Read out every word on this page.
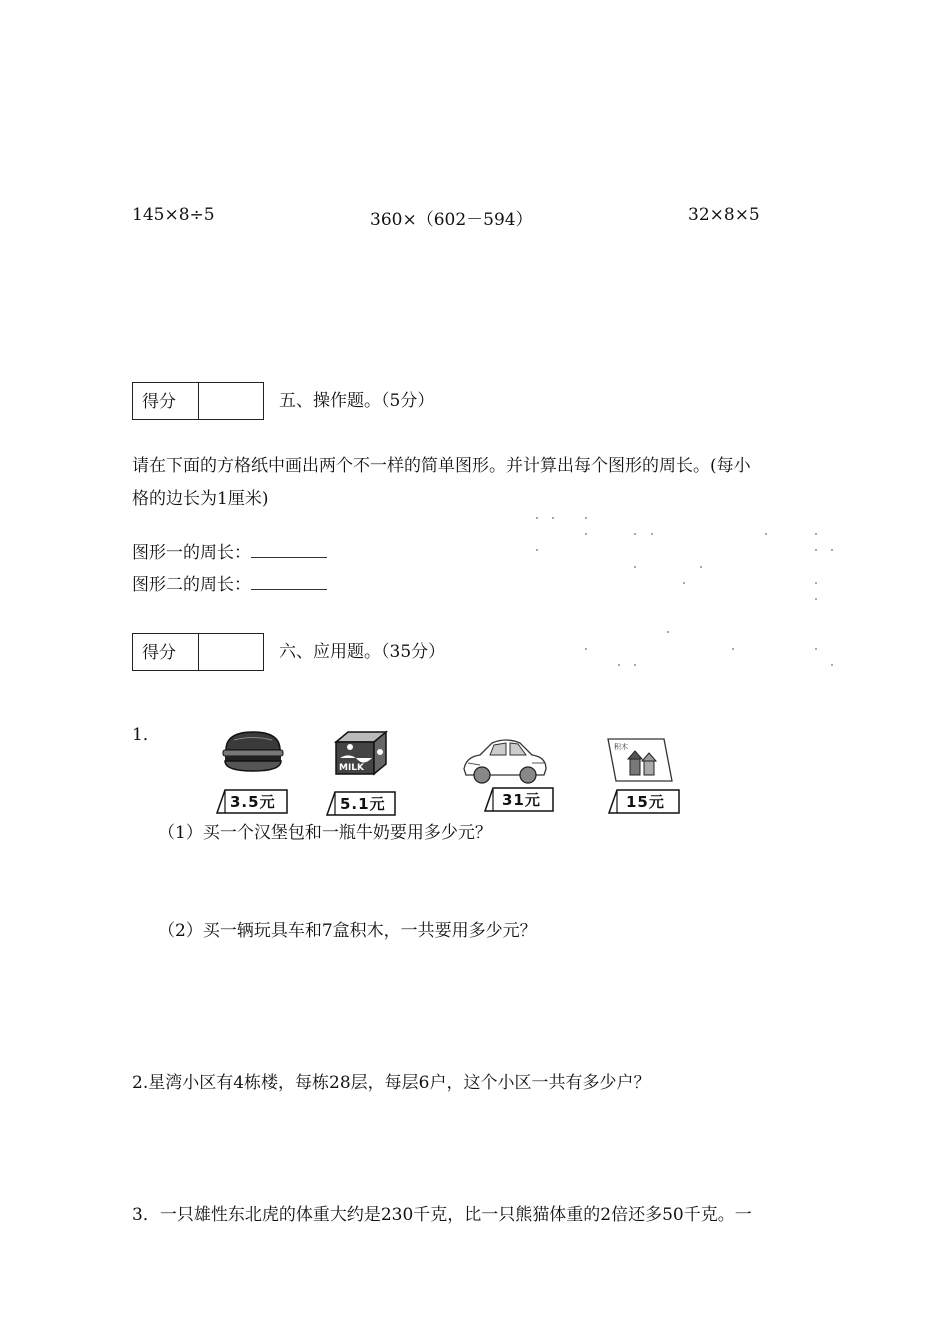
145×8÷5	360×（602－594）	32×8×5
得分	五、操作题。（5分）
请在下面的方格纸中画出两个不一样的简单图形。并计算出每个图形的周长。(每小
格的边长为1厘米)
图形一的周长：
图形二的周长：
得分	六、应用题。（35分）
1．
MILK
积木
3.5元	5.1元	31元	15元
（1）买一个汉堡包和一瓶牛奶要用多少元？
（2）买一辆玩具车和7盒积木，一共要用多少元？
2.星湾小区有4栋楼，每栋28层，每层6户，这个小区一共有多少户？
3．一只雄性东北虎的体重大约是230千克，比一只熊猫体重的2倍还多50千克。一
